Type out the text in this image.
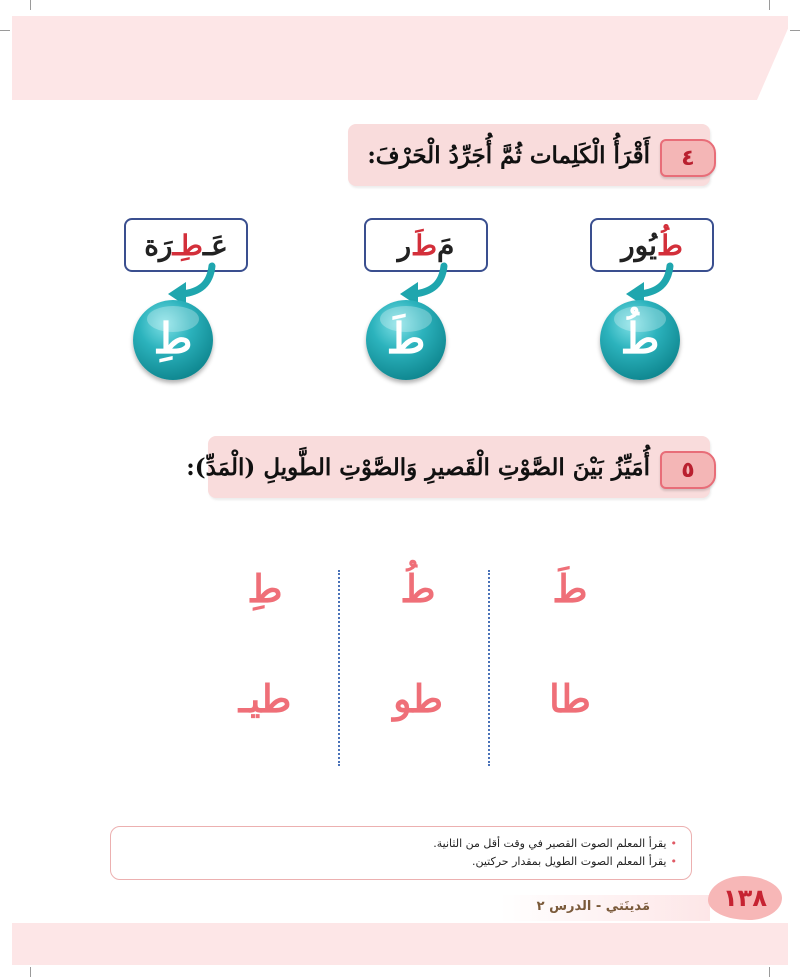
٤
أَقْرَأُ الْكَلِمات ثُمَّ أُجَرِّدُ الْحَرْفَ:
طُ
يُور
مَ
طَ
ر
عَـ
طِـ
رَة
طُ
طَ
طِ
٥
أُمَيِّزُ بَيْنَ الصَّوْتِ الْقَصيرِ وَالصَّوْتِ الطَّويلِ (الْمَدِّ):
طَ
طُ
طِ
طا
طو
طيـ
•يقرأ المعلم الصوت القصير في وقت أقل من الثانية.
•يقرأ المعلم الصوت الطويل بمقدار حركتين.
مَدينَتي - الدرس ٢	١٣٨
